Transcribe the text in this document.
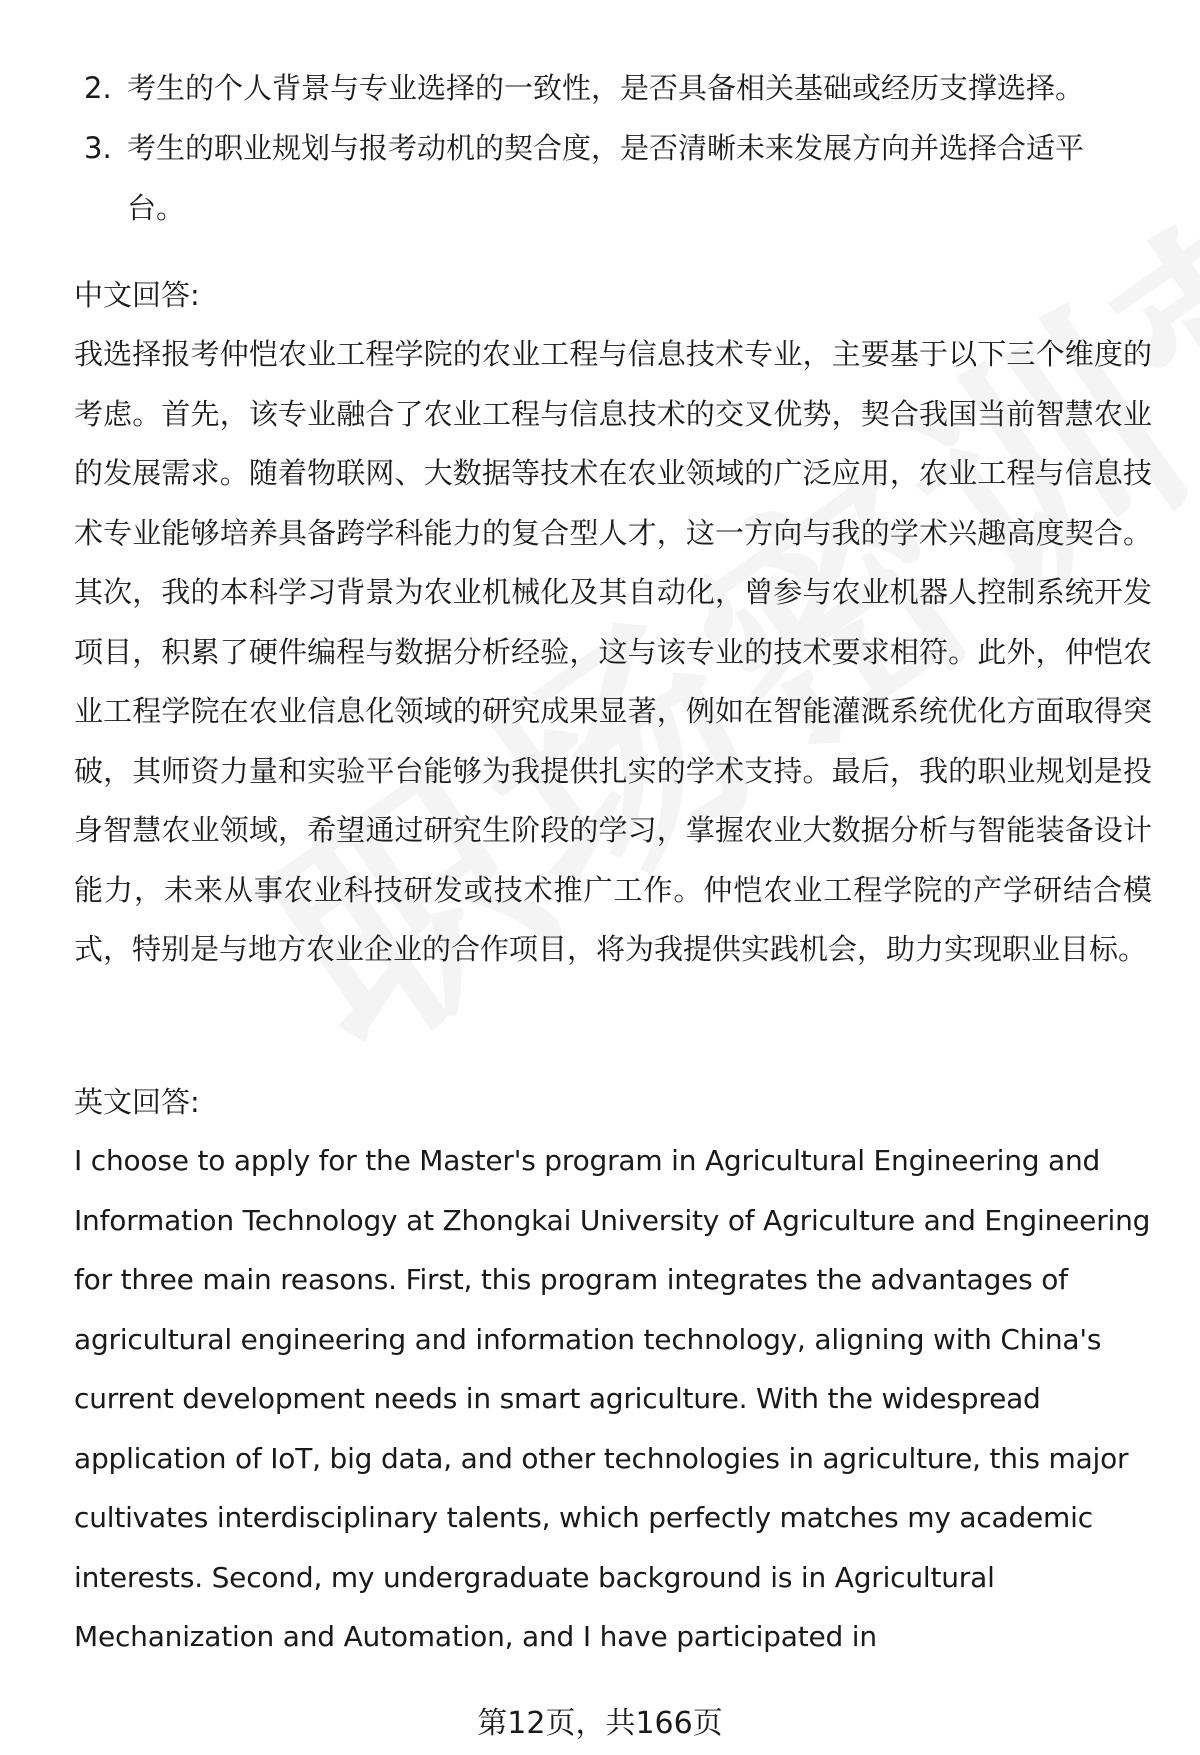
2. 考生的个人背景与专业选择的一致性，是否具备相关基础或经历支撑选择。
3. 考生的职业规划与报考动机的契合度，是否清晰未来发展方向并选择合适平台。
中文回答:
我选择报考仲恺农业工程学院的农业工程与信息技术专业，主要基于以下三个维度的考虑。首先，该专业融合了农业工程与信息技术的交叉优势，契合我国当前智慧农业的发展需求。随着物联网、大数据等技术在农业领域的广泛应用，农业工程与信息技术专业能够培养具备跨学科能力的复合型人才，这一方向与我的学术兴趣高度契合。其次，我的本科学习背景为农业机械化及其自动化，曾参与农业机器人控制系统开发项目，积累了硬件编程与数据分析经验，这与该专业的技术要求相符。此外，仲恺农业工程学院在农业信息化领域的研究成果显著，例如在智能灌溉系统优化方面取得突破，其师资力量和实验平台能够为我提供扎实的学术支持。最后，我的职业规划是投身智慧农业领域，希望通过研究生阶段的学习，掌握农业大数据分析与智能装备设计能力，未来从事农业科技研发或技术推广工作。仲恺农业工程学院的产学研结合模式，特别是与地方农业企业的合作项目，将为我提供实践机会，助力实现职业目标。
英文回答:
I choose to apply for the Master's program in Agricultural Engineering and Information Technology at Zhongkai University of Agriculture and Engineering for three main reasons. First, this program integrates the advantages of agricultural engineering and information technology, aligning with China's current development needs in smart agriculture. With the widespread application of IoT, big data, and other technologies in agriculture, this major cultivates interdisciplinary talents, which perfectly matches my academic interests. Second, my undergraduate background is in Agricultural Mechanization and Automation, and I have participated in
第12页，共166页
